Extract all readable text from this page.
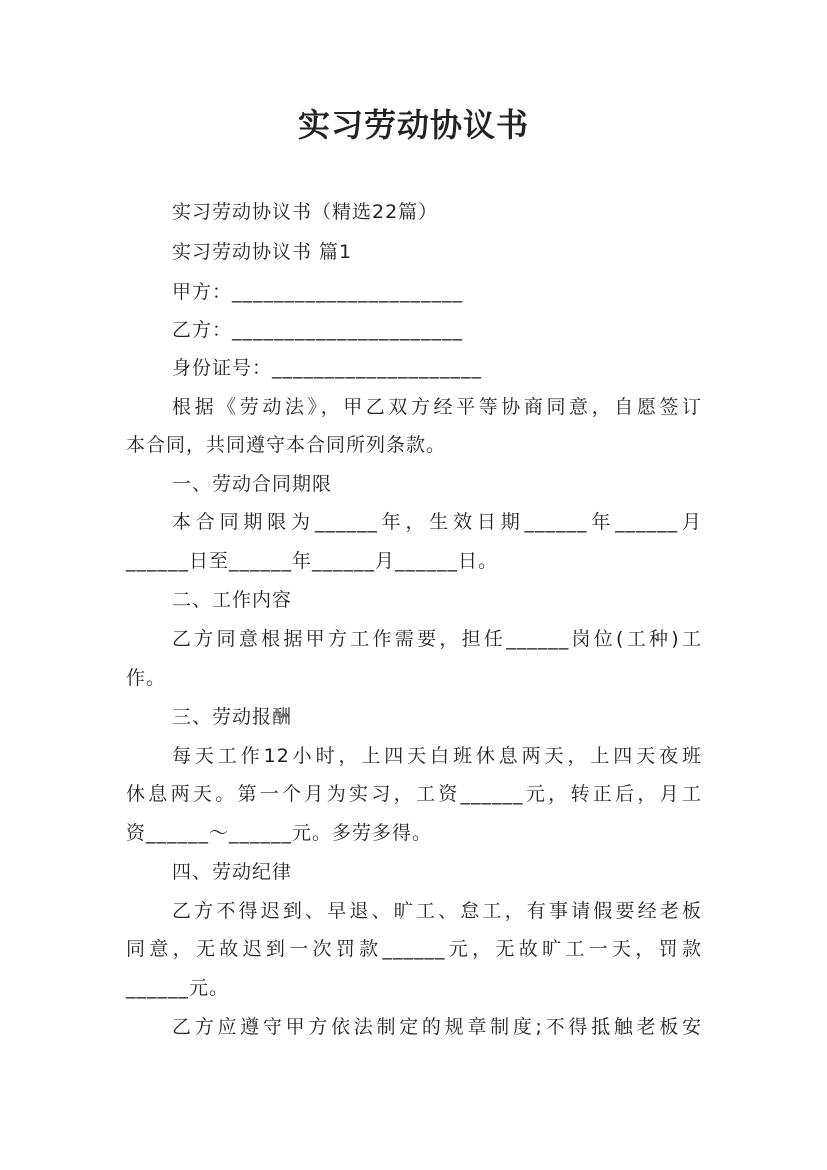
实习劳动协议书
实习劳动协议书（精选22篇）
实习劳动协议书 篇1
甲方：______________________
乙方：______________________
身份证号：____________________
根据《劳动法》，甲乙双方经平等协商同意，自愿签订
本合同，共同遵守本合同所列条款。
一、劳动合同期限
本合同期限为______年，生效日期______年______月
______日至______年______月______日。
二、工作内容
乙方同意根据甲方工作需要，担任______岗位(工种)工
作。
三、劳动报酬
每天工作12小时，上四天白班休息两天，上四天夜班
休息两天。第一个月为实习，工资______元，转正后，月工
资______～______元。多劳多得。
四、劳动纪律
乙方不得迟到、早退、旷工、怠工，有事请假要经老板
同意，无故迟到一次罚款______元，无故旷工一天，罚款
______元。
乙方应遵守甲方依法制定的规章制度;不得抵触老板安
